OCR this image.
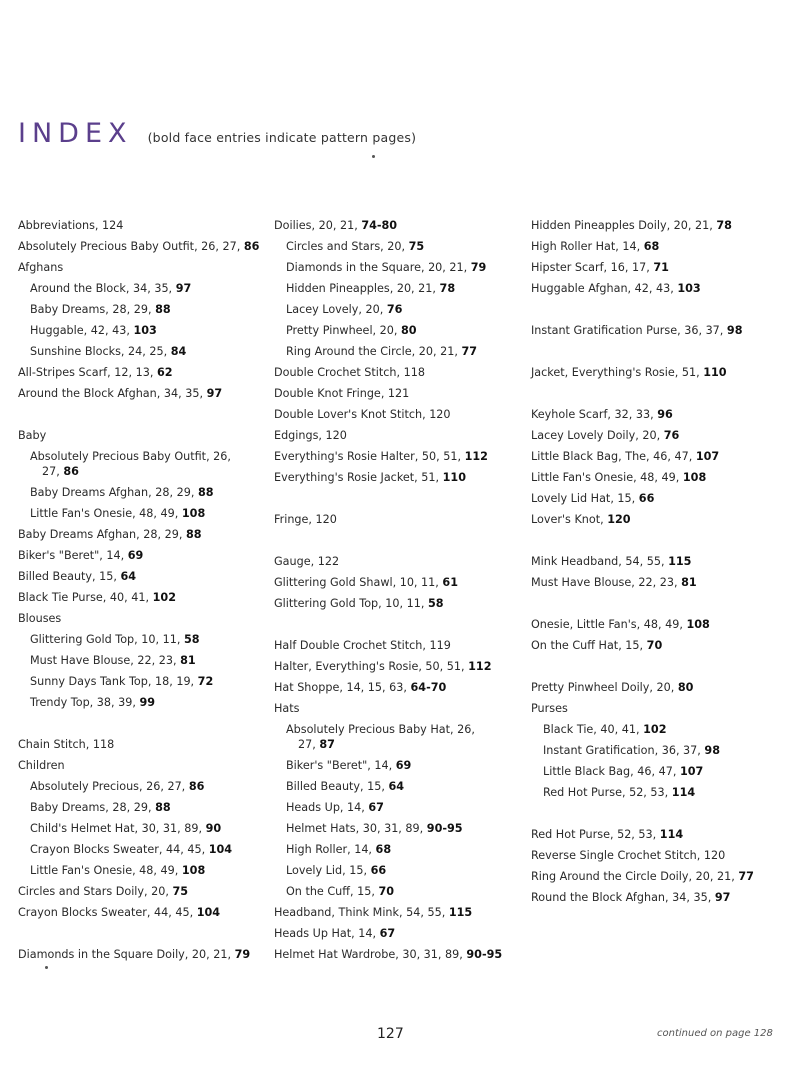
INDEX (bold face entries indicate pattern pages)
Abbreviations, 124
Absolutely Precious Baby Outfit, 26, 27, 86
Afghans
Around the Block, 34, 35, 97
Baby Dreams, 28, 29, 88
Huggable, 42, 43, 103
Sunshine Blocks, 24, 25, 84
All-Stripes Scarf, 12, 13, 62
Around the Block Afghan, 34, 35, 97
Baby
Absolutely Precious Baby Outfit, 26,
27, 86
Baby Dreams Afghan, 28, 29, 88
Little Fan's Onesie, 48, 49, 108
Baby Dreams Afghan, 28, 29, 88
Biker's "Beret", 14, 69
Billed Beauty, 15, 64
Black Tie Purse, 40, 41, 102
Blouses
Glittering Gold Top, 10, 11, 58
Must Have Blouse, 22, 23, 81
Sunny Days Tank Top, 18, 19, 72
Trendy Top, 38, 39, 99
Chain Stitch, 118
Children
Absolutely Precious, 26, 27, 86
Baby Dreams, 28, 29, 88
Child's Helmet Hat, 30, 31, 89, 90
Crayon Blocks Sweater, 44, 45, 104
Little Fan's Onesie, 48, 49, 108
Circles and Stars Doily, 20, 75
Crayon Blocks Sweater, 44, 45, 104
Diamonds in the Square Doily, 20, 21, 79
Doilies, 20, 21, 74-80
Circles and Stars, 20, 75
Diamonds in the Square, 20, 21, 79
Hidden Pineapples, 20, 21, 78
Lacey Lovely, 20, 76
Pretty Pinwheel, 20, 80
Ring Around the Circle, 20, 21, 77
Double Crochet Stitch, 118
Double Knot Fringe, 121
Double Lover's Knot Stitch, 120
Edgings, 120
Everything's Rosie Halter, 50, 51, 112
Everything's Rosie Jacket, 51, 110
Fringe, 120
Gauge, 122
Glittering Gold Shawl, 10, 11, 61
Glittering Gold Top, 10, 11, 58
Half Double Crochet Stitch, 119
Halter, Everything's Rosie, 50, 51, 112
Hat Shoppe, 14, 15, 63, 64-70
Hats
Absolutely Precious Baby Hat, 26,
27, 87
Biker's "Beret", 14, 69
Billed Beauty, 15, 64
Heads Up, 14, 67
Helmet Hats, 30, 31, 89, 90-95
High Roller, 14, 68
Lovely Lid, 15, 66
On the Cuff, 15, 70
Headband, Think Mink, 54, 55, 115
Heads Up Hat, 14, 67
Helmet Hat Wardrobe, 30, 31, 89, 90-95
Hidden Pineapples Doily, 20, 21, 78
High Roller Hat, 14, 68
Hipster Scarf, 16, 17, 71
Huggable Afghan, 42, 43, 103
Instant Gratification Purse, 36, 37, 98
Jacket, Everything's Rosie, 51, 110
Keyhole Scarf, 32, 33, 96
Lacey Lovely Doily, 20, 76
Little Black Bag, The, 46, 47, 107
Little Fan's Onesie, 48, 49, 108
Lovely Lid Hat, 15, 66
Lover's Knot, 120
Mink Headband, 54, 55, 115
Must Have Blouse, 22, 23, 81
Onesie, Little Fan's, 48, 49, 108
On the Cuff Hat, 15, 70
Pretty Pinwheel Doily, 20, 80
Purses
Black Tie, 40, 41, 102
Instant Gratification, 36, 37, 98
Little Black Bag, 46, 47, 107
Red Hot Purse, 52, 53, 114
Red Hot Purse, 52, 53, 114
Reverse Single Crochet Stitch, 120
Ring Around the Circle Doily, 20, 21, 77
Round the Block Afghan, 34, 35, 97
127	continued on page 128
